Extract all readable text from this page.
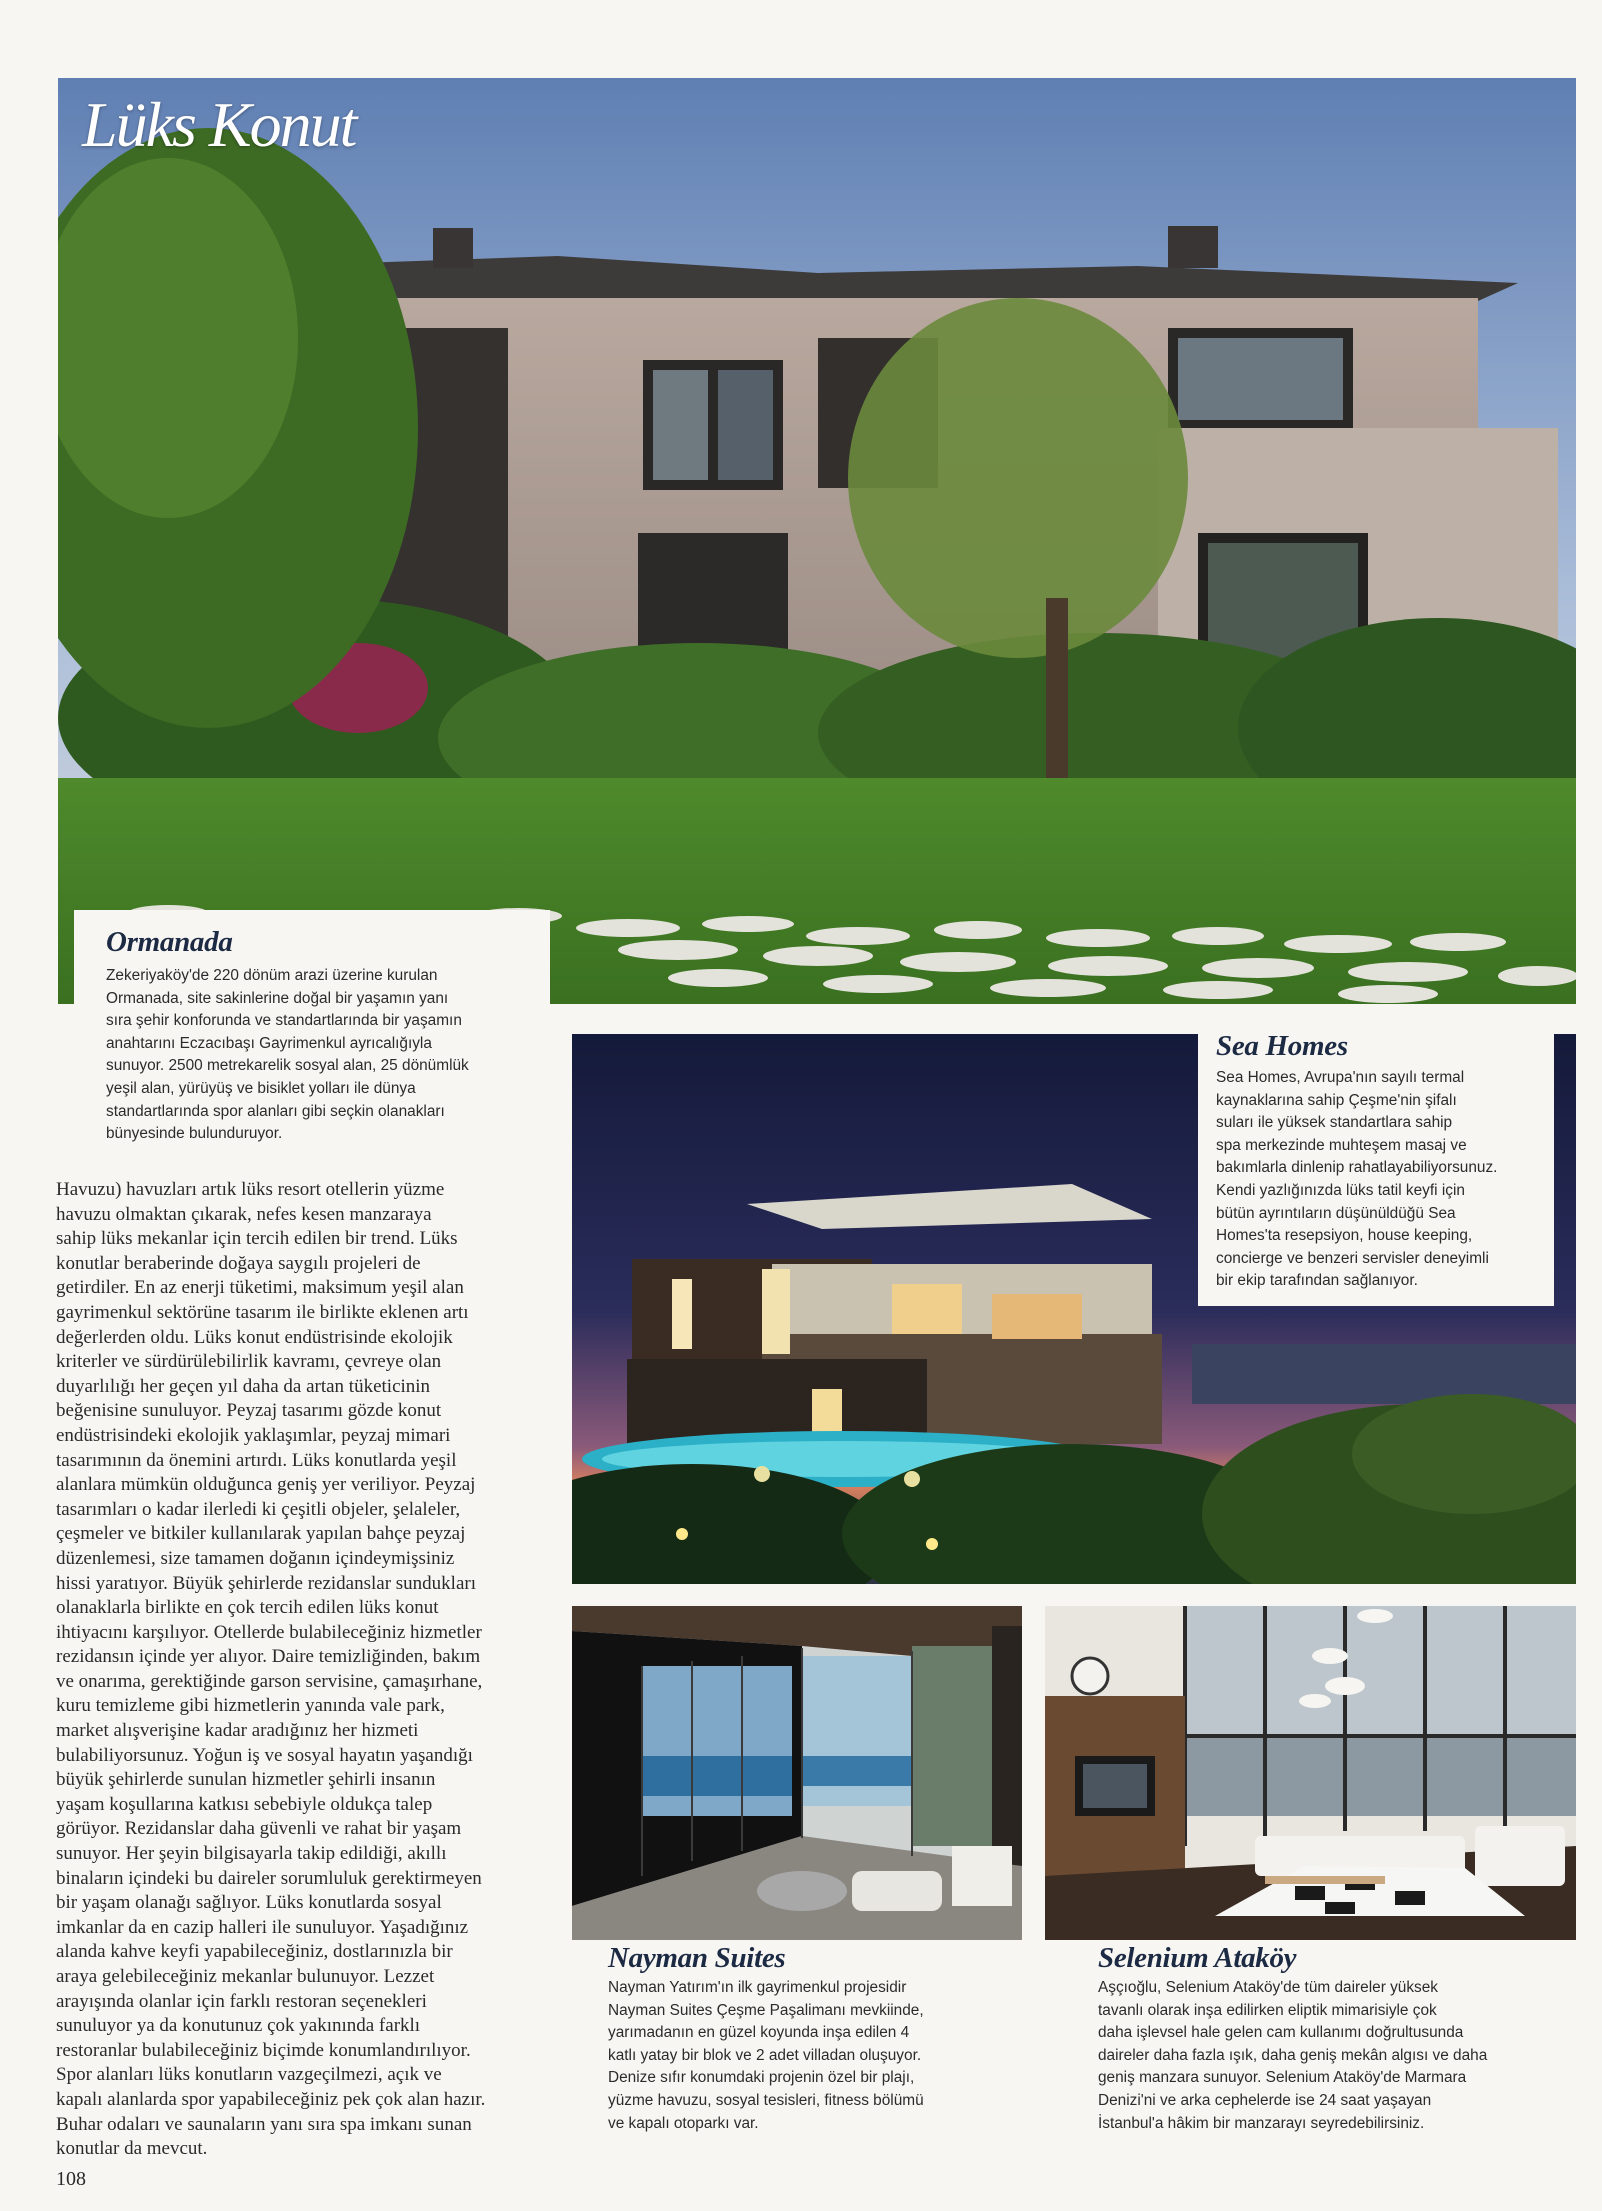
Lüks Konut
Ormanada

Zekeriyaköy'de 220 dönüm arazi üzerine kurulan
Ormanada, site sakinlerine doğal bir yaşamın yanı
sıra şehir konforunda ve standartlarında bir yaşamın
anahtarını Eczacıbaşı Gayrimenkul ayrıcalığıyla
sunuyor. 2500 metrekarelik sosyal alan, 25 dönümlük
yeşil alan, yürüyüş ve bisiklet yolları ile dünya
standartlarında spor alanları gibi seçkin olanakları
bünyesinde bulunduruyor.

Sea Homes

Sea Homes, Avrupa'nın sayılı termal
kaynaklarına sahip Çeşme'nin şifalı
suları ile yüksek standartlara sahip
spa merkezinde muhteşem masaj ve
bakımlarla dinlenip rahatlayabiliyorsunuz.
Kendi yazlığınızda lüks tatil keyfi için
bütün ayrıntıların düşünüldüğü Sea
Homes'ta resepsiyon, house keeping,
concierge ve benzeri servisler deneyimli
bir ekip tarafından sağlanıyor.

Nayman Suites

Nayman Yatırım'ın ilk gayrimenkul projesidir
Nayman Suites Çeşme Paşalimanı mevkiinde,
yarımadanın en güzel koyunda inşa edilen 4
katlı yatay bir blok ve 2 adet villadan oluşuyor.
Denize sıfır konumdaki projenin özel bir plajı,
yüzme havuzu, sosyal tesisleri, fitness bölümü
ve kapalı otoparkı var.

Selenium Ataköy

Aşçıoğlu, Selenium Ataköy'de tüm daireler yüksek
tavanlı olarak inşa edilirken eliptik mimarisiyle çok
daha işlevsel hale gelen cam kullanımı doğrultusunda
daireler daha fazla ışık, daha geniş mekân algısı ve daha
geniş manzara sunuyor. Selenium Ataköy'de Marmara
Denizi'ni ve arka cephelerde ise 24 saat yaşayan
İstanbul'a hâkim bir manzarayı seyredebilirsiniz.

Havuzu) havuzları artık lüks resort otellerin yüzme
havuzu olmaktan çıkarak, nefes kesen manzaraya
sahip lüks mekanlar için tercih edilen bir trend. Lüks
konutlar beraberinde doğaya saygılı projeleri de
getirdiler. En az enerji tüketimi, maksimum yeşil alan
gayrimenkul sektörüne tasarım ile birlikte eklenen artı
değerlerden oldu. Lüks konut endüstrisinde ekolojik
kriterler ve sürdürülebilirlik kavramı, çevreye olan
duyarlılığı her geçen yıl daha da artan tüketicinin
beğenisine sunuluyor. Peyzaj tasarımı gözde konut
endüstrisindeki ekolojik yaklaşımlar, peyzaj mimari
tasarımının da önemini artırdı. Lüks konutlarda yeşil
alanlara mümkün olduğunca geniş yer veriliyor. Peyzaj
tasarımları o kadar ilerledi ki çeşitli objeler, şelaleler,
çeşmeler ve bitkiler kullanılarak yapılan bahçe peyzaj
düzenlemesi, size tamamen doğanın içindeymişsiniz
hissi yaratıyor. Büyük şehirlerde rezidanslar sundukları
olanaklarla birlikte en çok tercih edilen lüks konut
ihtiyacını karşılıyor. Otellerde bulabileceğiniz hizmetler
rezidansın içinde yer alıyor. Daire temizliğinden, bakım
ve onarıma, gerektiğinde garson servisine, çamaşırhane,
kuru temizleme gibi hizmetlerin yanında vale park,
market alışverişine kadar aradığınız her hizmeti
bulabiliyorsunuz. Yoğun iş ve sosyal hayatın yaşandığı
büyük şehirlerde sunulan hizmetler şehirli insanın
yaşam koşullarına katkısı sebebiyle oldukça talep
görüyor. Rezidanslar daha güvenli ve rahat bir yaşam
sunuyor. Her şeyin bilgisayarla takip edildiği, akıllı
binaların içindeki bu daireler sorumluluk gerektirmeyen
bir yaşam olanağı sağlıyor. Lüks konutlarda sosyal
imkanlar da en cazip halleri ile sunuluyor. Yaşadığınız
alanda kahve keyfi yapabileceğiniz, dostlarınızla bir
araya gelebileceğiniz mekanlar bulunuyor. Lezzet
arayışında olanlar için farklı restoran seçenekleri
sunuluyor ya da konutunuz çok yakınında farklı
restoranlar bulabileceğiniz biçimde konumlandırılıyor.
Spor alanları lüks konutların vazgeçilmezi, açık ve
kapalı alanlarda spor yapabileceğiniz pek çok alan hazır.
Buhar odaları ve saunaların yanı sıra spa imkanı sunan
konutlar da mevcut.

108
